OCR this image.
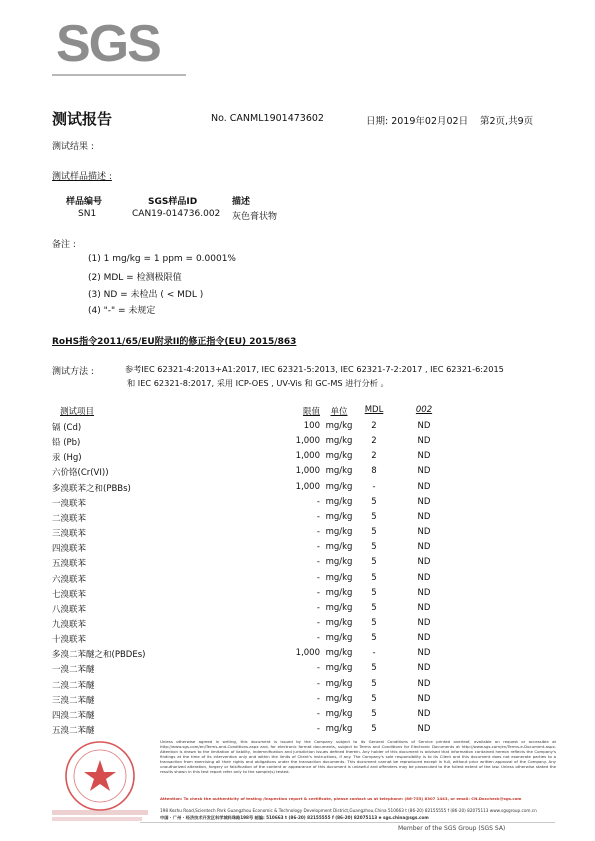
SGS
测试报告	No. CANML1901473602	日期: 2019年02月02日 第2页,共9页
测试结果 :
测试样品描述 :
样品编号	SGS样品ID	描述
SN1	CAN19-014736.002 灰色膏状物
备注 :
(1) 1 mg/kg = 1 ppm = 0.0001%
(2) MDL = 检测极限值
(3) ND = 未检出 ( < MDL )
(4) "-" = 未规定
RoHS指令2011/65/EU附录II的修正指令(EU) 2015/863
测试方法 :	参考IEC 62321-4:2013+A1:2017, IEC 62321-5:2013, IEC 62321-7-2:2017 , IEC 62321-6:2015
和 IEC 62321-8:2017, 采用 ICP-OES , UV-Vis 和 GC-MS 进行分析 。
测试项目	限值	单位	MDL	002
镉 (Cd)	100 mg/kg	2	ND
铅 (Pb)	1,000 mg/kg	2	ND
汞 (Hg)	1,000 mg/kg	2	ND
六价铬(Cr(VI))	1,000 mg/kg	8	ND
多溴联苯之和(PBBs)	1,000 mg/kg	-	ND
一溴联苯	- mg/kg	5	ND
二溴联苯	- mg/kg	5	ND
三溴联苯	- mg/kg	5	ND
四溴联苯	- mg/kg	5	ND
五溴联苯	- mg/kg	5	ND
六溴联苯	- mg/kg	5	ND
七溴联苯	- mg/kg	5	ND
八溴联苯	- mg/kg	5	ND
九溴联苯	- mg/kg	5	ND
十溴联苯	- mg/kg	5	ND
多溴二苯醚之和(PBDEs)	1,000 mg/kg	-	ND
一溴二苯醚	- mg/kg	5	ND
二溴二苯醚	- mg/kg	5	ND
三溴二苯醚	- mg/kg	5	ND
四溴二苯醚	- mg/kg	5	ND
五溴二苯醚	- mg/kg	5	ND
Unless otherwise agreed in writing, this document is issued by the Company subject to its General Conditions of Service printed overleaf, available on request or accessible at http://www.sgs.com/en/Terms-and-Conditions.aspx and, for electronic format documents, subject to Terms and Conditions for Electronic Documents at http://www.sgs.com/en/Terms-e-Document.aspx. Attention is drawn to the limitation of liability, indemnification and jurisdiction issues defined therein. Any holder of this document is advised that information contained hereon reflects the Company's findings at the time of its intervention only and within the limits of Client's instructions, if any. The Company's sole responsibility is to its Client and this document does not exonerate parties to a transaction from exercising all their rights and obligations under the transaction documents. This document cannot be reproduced except in full, without prior written approval of the Company. Any unauthorized alteration, forgery or falsification of the content or appearance of this document is unlawful and offenders may be prosecuted to the fullest extent of the law. Unless otherwise stated the results shown in this test report refer only to the sample(s) tested.
Attention: To check the authenticity of testing /inspection report & certificate, please contact us at telephone: (86-755) 8307 1443, or email: CN.Doccheck@sgs.com
198 Kezhu Road,Scientech Park Guangzhou Economic & Technology Development District,Guangzhou,China 510663 t (86-20) 82155555 f (86-20) 82075113 www.sgsgroup.com.cn
中国 · 广州 · 经济技术开发区科学城科珠路198号 邮编: 510663 t (86-20) 82155555 f (86-20) 82075113 e sgs.china@sgs.com
Member of the SGS Group (SGS SA)
